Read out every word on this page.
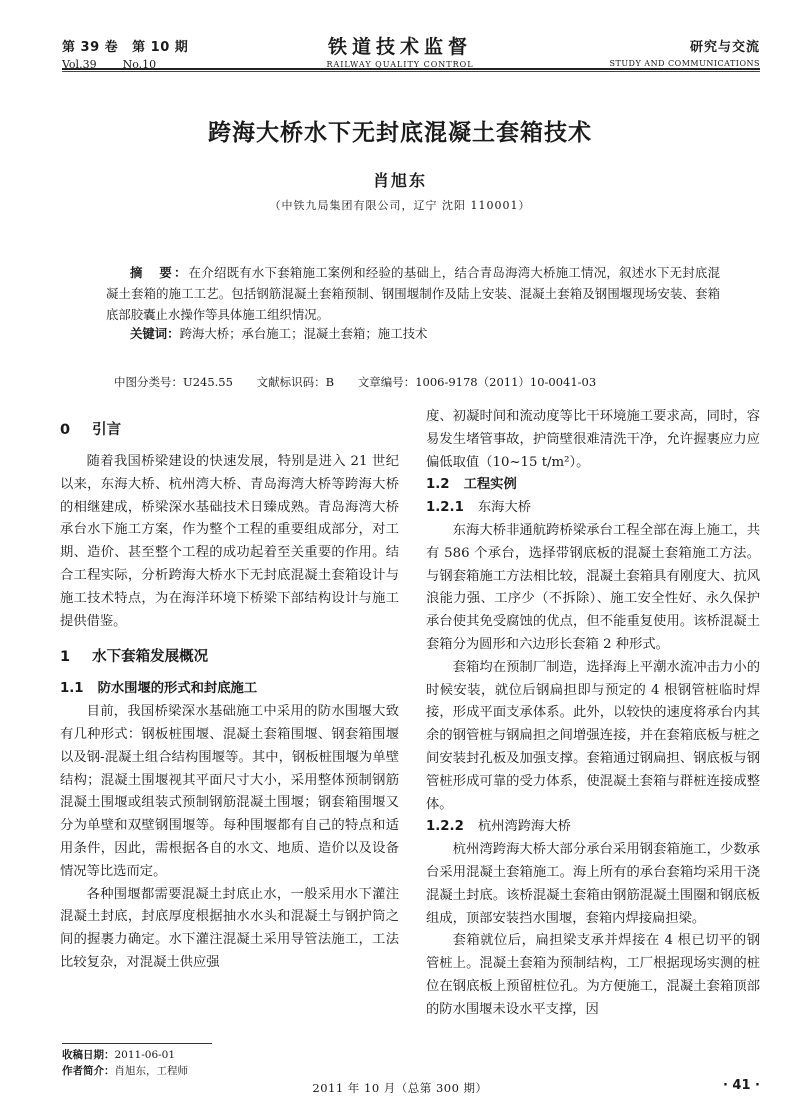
第 39 卷 第 10 期
Vol.39 No.10
铁道技术监督
RAILWAY QUALITY CONTROL
研究与交流
STUDY AND COMMUNICATIONS
跨海大桥水下无封底混凝土套箱技术
肖旭东
（中铁九局集团有限公司，辽宁 沈阳 110001）
摘　要：在介绍既有水下套箱施工案例和经验的基础上，结合青岛海湾大桥施工情况，叙述水下无封底混凝土套箱的施工工艺。包括钢筋混凝土套箱预制、钢围堰制作及陆上安装、混凝土套箱及钢围堰现场安装、套箱底部胶囊止水操作等具体施工组织情况。
关键词：跨海大桥；承台施工；混凝土套箱；施工技术
中图分类号：U245.55 文献标识码：B 文章编号：1006-9178（2011）10-0041-03
0 引言

随着我国桥梁建设的快速发展，特别是进入 21 世纪以来，东海大桥、杭州湾大桥、青岛海湾大桥等跨海大桥的相继建成，桥梁深水基础技术日臻成熟。青岛海湾大桥承台水下施工方案，作为整个工程的重要组成部分，对工期、造价、甚至整个工程的成功起着至关重要的作用。结合工程实际，分析跨海大桥水下无封底混凝土套箱设计与施工技术特点，为在海洋环境下桥梁下部结构设计与施工提供借鉴。

1 水下套箱发展概况
1.1 防水围堰的形式和封底施工

目前，我国桥梁深水基础施工中采用的防水围堰大致有几种形式：钢板桩围堰、混凝土套箱围堰、钢套箱围堰以及钢-混凝土组合结构围堰等。其中，钢板桩围堰为单壁结构；混凝土围堰视其平面尺寸大小，采用整体预制钢筋混凝土围堰或组装式预制钢筋混凝土围堰；钢套箱围堰又分为单壁和双壁钢围堰等。每种围堰都有自己的特点和适用条件，因此，需根据各自的水文、地质、造价以及设备情况等比选而定。

各种围堰都需要混凝土封底止水，一般采用水下灌注混凝土封底，封底厚度根据抽水水头和混凝土与钢护筒之间的握裹力确定。水下灌注混凝土采用导管法施工，工法比较复杂，对混凝土供应强

度、初凝时间和流动度等比干环境施工要求高，同时，容易发生堵管事故，护筒壁很难清洗干净，允许握裹应力应偏低取值（10~15 t/m²）。

1.2 工程实例
1.2.1 东海大桥

东海大桥非通航跨桥梁承台工程全部在海上施工，共有 586 个承台，选择带钢底板的混凝土套箱施工方法。与钢套箱施工方法相比较，混凝土套箱具有刚度大、抗风浪能力强、工序少（不拆除）、施工安全性好、永久保护承台使其免受腐蚀的优点，但不能重复使用。该桥混凝土套箱分为圆形和六边形长套箱 2 种形式。

套箱均在预制厂制造，选择海上平潮水流冲击力小的时候安装，就位后钢扁担即与预定的 4 根钢管桩临时焊接，形成平面支承体系。此外，以较快的速度将承台内其余的钢管桩与钢扁担之间增强连接，并在套箱底板与桩之间安装封孔板及加强支撑。套箱通过钢扁担、钢底板与钢管桩形成可靠的受力体系，使混凝土套箱与群桩连接成整体。

1.2.2 杭州湾跨海大桥

杭州湾跨海大桥大部分承台采用钢套箱施工，少数承台采用混凝土套箱施工。海上所有的承台套箱均采用干浇混凝土封底。该桥混凝土套箱由钢筋混凝土围圈和钢底板组成，顶部安装挡水围堰，套箱内焊接扁担梁。

套箱就位后，扁担梁支承并焊接在 4 根已切平的钢管桩上。混凝土套箱为预制结构，工厂根据现场实测的桩位在钢底板上预留桩位孔。为方便施工，混凝土套箱顶部的防水围堰未设水平支撑，因

收稿日期：2011-06-01
作者简介：肖旭东，工程师
2011 年 10 月（总第 300 期）	· 41 ·
